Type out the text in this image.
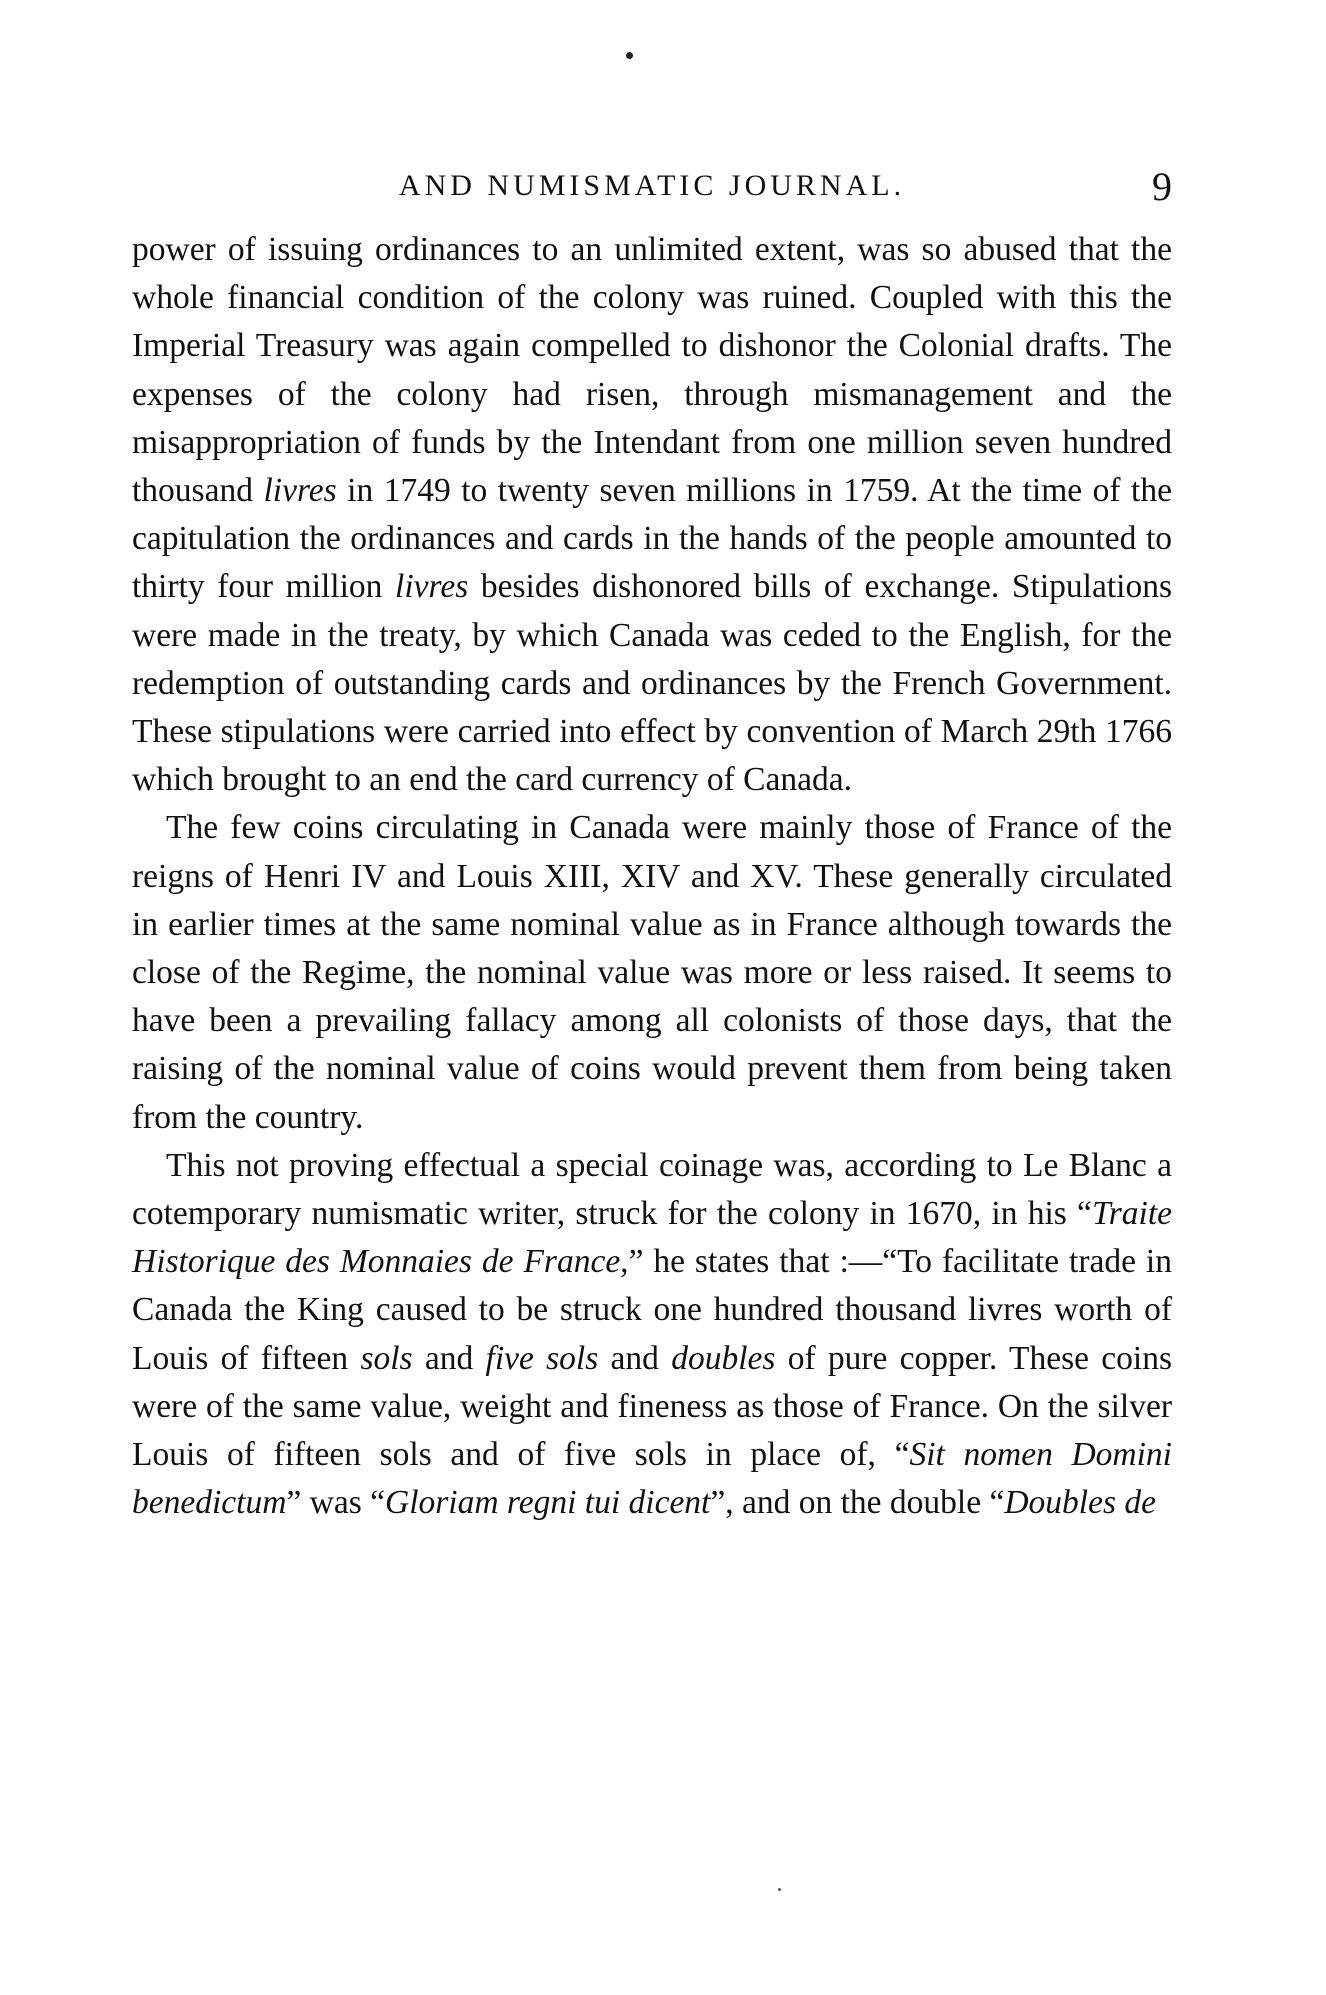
AND NUMISMATIC JOURNAL.	9

power of issuing ordinances to an unlimited extent, was so abused that the whole financial condition of the colony was ruined. Coupled with this the Imperial Treasury was again compelled to dishonor the Colonial drafts. The expenses of the colony had risen, through mismanagement and the misappropriation of funds by the Intendant from one million seven hundred thousand livres in 1749 to twenty seven millions in 1759. At the time of the capitulation the ordinances and cards in the hands of the people amounted to thirty four million livres besides dishonored bills of exchange. Stipulations were made in the treaty, by which Canada was ceded to the English, for the redemption of outstanding cards and ordinances by the French Government. These stipulations were carried into effect by convention of March 29th 1766 which brought to an end the card currency of Canada.

The few coins circulating in Canada were mainly those of France of the reigns of Henri IV and Louis XIII, XIV and XV. These generally circulated in earlier times at the same nominal value as in France although towards the close of the Regime, the nominal value was more or less raised. It seems to have been a prevailing fallacy among all colonists of those days, that the raising of the nominal value of coins would prevent them from being taken from the country.

This not proving effectual a special coinage was, according to Le Blanc a cotemporary numismatic writer, struck for the colony in 1670, in his “Traite Historique des Monnaies de France,” he states that :—“To facilitate trade in Canada the King caused to be struck one hundred thousand livres worth of Louis of fifteen sols and five sols and doubles of pure copper. These coins were of the same value, weight and fineness as those of France. On the silver Louis of fifteen sols and of five sols in place of, “Sit nomen Domini benedictum” was “Gloriam regni tui dicent”, and on the double “Doubles de
